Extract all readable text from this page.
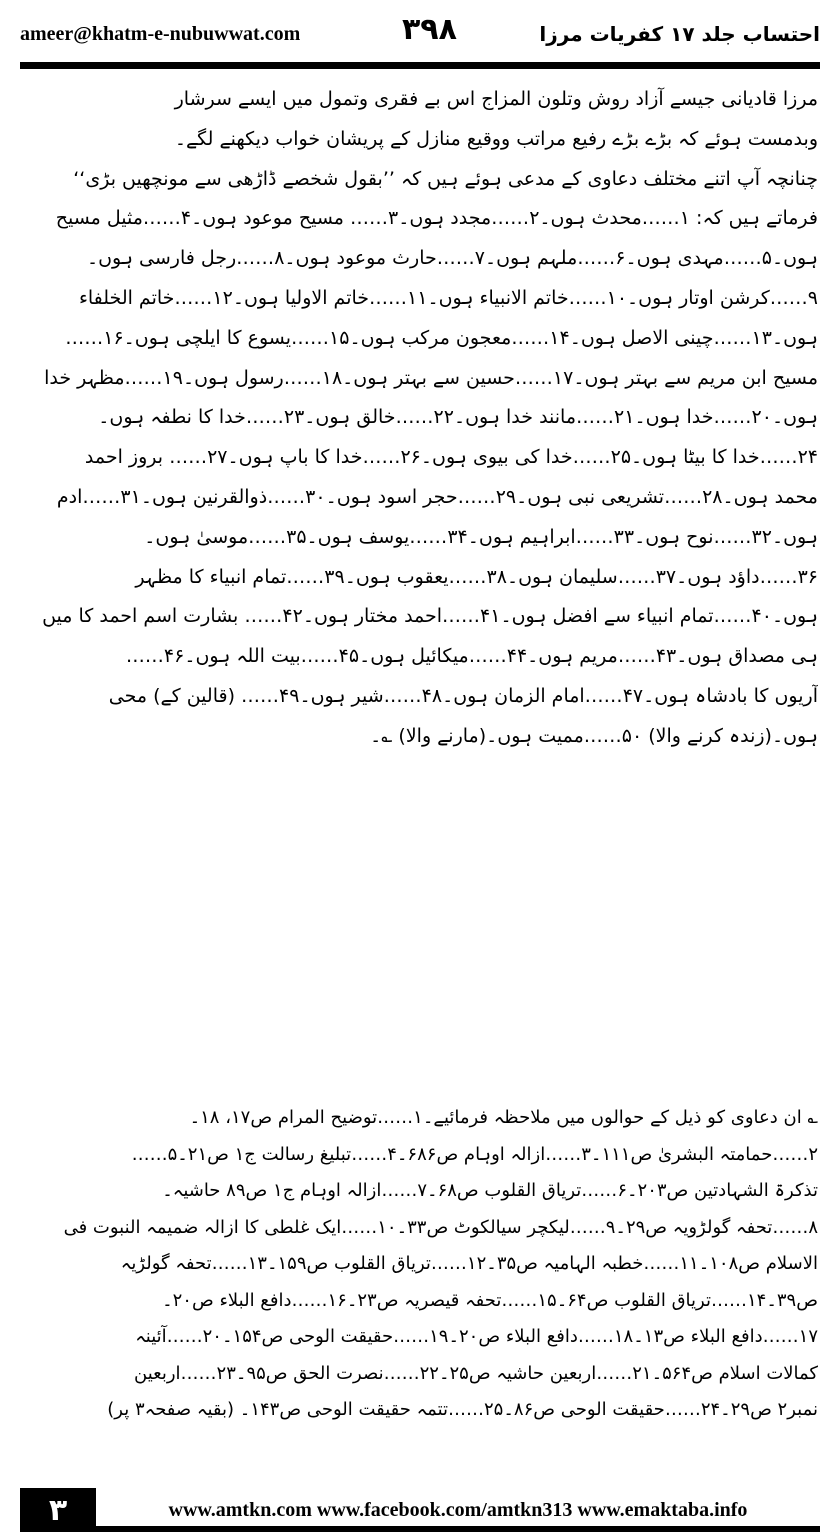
ameer@khatm-e-nubuwwat.com	۳۹۸	احتساب جلد ۱۷ کفریات مرزا
مرزا قادیانی جیسے آزاد روش وتلون المزاج اس بے فقری وتمول میں ایسے سرشار
وبدمست ہوئے کہ بڑے بڑے رفیع مراتب ووقیع منازل کے پریشان خواب دیکھنے لگے۔
چنانچہ آپ اتنے مختلف دعاوی کے مدعی ہوئے ہیں کہ ’’بقول شخصے ڈاڑھی سے مونچھیں بڑی‘‘
فرماتے ہیں کہ: ۱……محدث ہوں۔۲……مجدد ہوں۔۳…… مسیح موعود ہوں۔۴……مثیل مسیح
ہوں۔۵……مہدی ہوں۔۶……ملہم ہوں۔۷……حارث موعود ہوں۔۸……رجل فارسی ہوں۔
۹……کرشن اوتار ہوں۔۱۰……خاتم الانبیاء ہوں۔۱۱……خاتم الاولیا ہوں۔۱۲……خاتم الخلفاء
ہوں۔۱۳……چینی الاصل ہوں۔۱۴……معجون مرکب ہوں۔۱۵……یسوع کا ایلچی ہوں۔۱۶……
مسیح ابن مریم سے بہتر ہوں۔۱۷……حسین سے بہتر ہوں۔۱۸……رسول ہوں۔۱۹……مظہر خدا
ہوں۔۲۰……خدا ہوں۔۲۱……مانند خدا ہوں۔۲۲……خالق ہوں۔۲۳……خدا کا نطفہ ہوں۔
۲۴……خدا کا بیٹا ہوں۔۲۵……خدا کی بیوی ہوں۔۲۶……خدا کا باپ ہوں۔۲۷…… بروز احمد
محمد ہوں۔۲۸……تشریعی نبی ہوں۔۲۹……حجر اسود ہوں۔۳۰……ذوالقرنین ہوں۔۳۱……ادم
ہوں۔۳۲……نوح ہوں۔۳۳……ابراہیم ہوں۔۳۴……یوسف ہوں۔۳۵……موسیٰ ہوں۔
۳۶……داؤد ہوں۔۳۷……سلیمان ہوں۔۳۸……یعقوب ہوں۔۳۹……تمام انبیاء کا مظہر
ہوں۔۴۰……تمام انبیاء سے افضل ہوں۔۴۱……احمد مختار ہوں۔۴۲…… بشارت اسم احمد کا میں
ہی مصداق ہوں۔۴۳……مریم ہوں۔۴۴……میکائیل ہوں۔۴۵……بیت اللہ ہوں۔۴۶……
آریوں کا بادشاہ ہوں۔۴۷……امام الزمان ہوں۔۴۸……شیر ہوں۔۴۹…… (قالین کے) محی
ہوں۔(زندہ کرنے والا) ۵۰……ممیت ہوں۔(مارنے والا) ؎۔
؎ ان دعاوی کو ذیل کے حوالوں میں ملاحظہ فرمائیے۔۱……توضیح المرام ص۱۷، ۱۸۔
۲……حمامتہ البشریٰ ص۱۱۱۔۳……ازالہ اوہام ص۶۸۶۔۴……تبلیغ رسالت ج۱ ص۲۱۔۵……
تذکرۃ الشہادتین ص۲۰۳۔۶……تریاق القلوب ص۶۸۔۷……ازالہ اوہام ج۱ ص۸۹ حاشیہ۔
۸……تحفہ گولڑویہ ص۲۹۔۹……لیکچر سیالکوٹ ص۳۳۔۱۰……ایک غلطی کا ازالہ ضمیمہ النبوت فی
الاسلام ص۱۰۸۔۱۱……خطبہ الہامیہ ص۳۵۔۱۲……تریاق القلوب ص۱۵۹۔۱۳……تحفہ گولڑیہ
ص۳۹۔۱۴……تریاق القلوب ص۶۴۔۱۵……تحفہ قیصریہ ص۲۳۔۱۶……دافع البلاء ص۲۰۔
۱۷……دافع البلاء ص۱۳۔۱۸……دافع البلاء ص۲۰۔۱۹……حقیقت الوحی ص۱۵۴۔۲۰……آئینہ
کمالات اسلام ص۵۶۴۔۲۱……اربعین حاشیہ ص۲۵۔۲۲……نصرت الحق ص۹۵۔۲۳……اربعین
نمبر۲ ص۲۹۔۲۴……حقیقت الوحی ص۸۶۔۲۵……تتمہ حقیقت الوحی ص۱۴۳۔ (بقیہ صفحہ۳ پر)
۳	www.amtkn.com www.facebook.com/amtkn313 www.emaktaba.info
